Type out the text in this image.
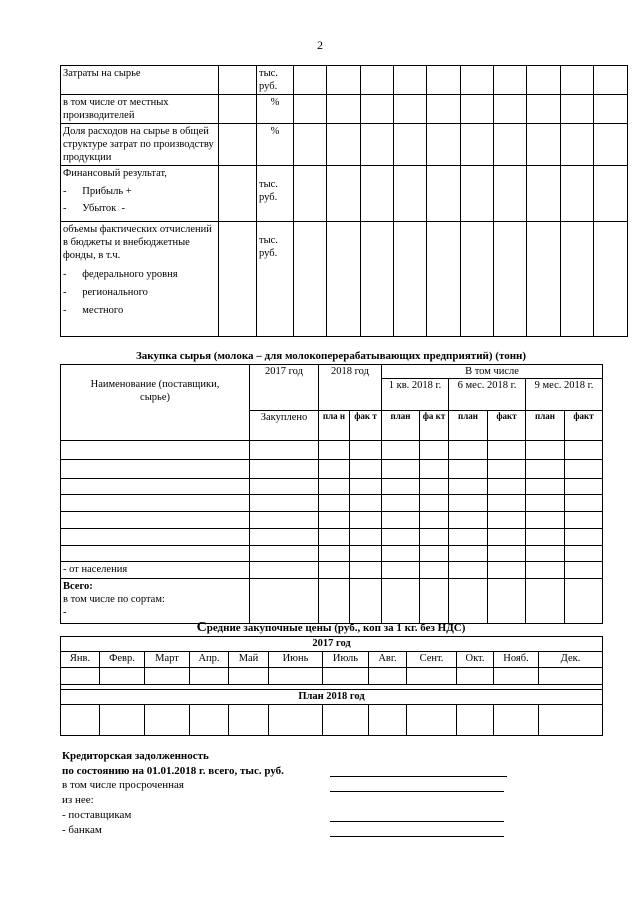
2
Затраты на сырье		тыс. руб.										
в том числе от местных производителей		%										
Доля расходов на сырье в общей структуре затрат по производству продукции		%										

Финансовый результат,
-      Прибыль +
-      Убыток  -		тыс. руб.										

объемы фактических отчислений в бюджеты и внебюджетные фонды, в т.ч.
-      федерального уровня
-      регионального
-      местного		тыс. руб.										
Закупка сырья (молока – для молокоперерабатывающих предприятий) (тонн)
Наименование (поставщики, сырье)	2017 год	2018 год		В том числе					
				1 кв. 2018 г.		6 мес. 2018 г.		9 мес. 2018 г.	
	Закуплено	пла н	фак т	план	фа кт	план	факт	план	факт

- от населения									

Всего:
в том числе по сортам:
-									

Средние закупочные цены (руб., коп за 1 кг. без НДС)
2017 год											
Янв.	Февр.	Март	Апр.	Май	Июнь	Июль	Авг.	Сент.	Окт.	Нояб.	Дек.

План 2018 год											

Кредиторская задолженность
по состоянию на 01.01.2018 г. всего, тыс. руб.
в том числе просроченная
из нее:
- поставщикам
- банкам
